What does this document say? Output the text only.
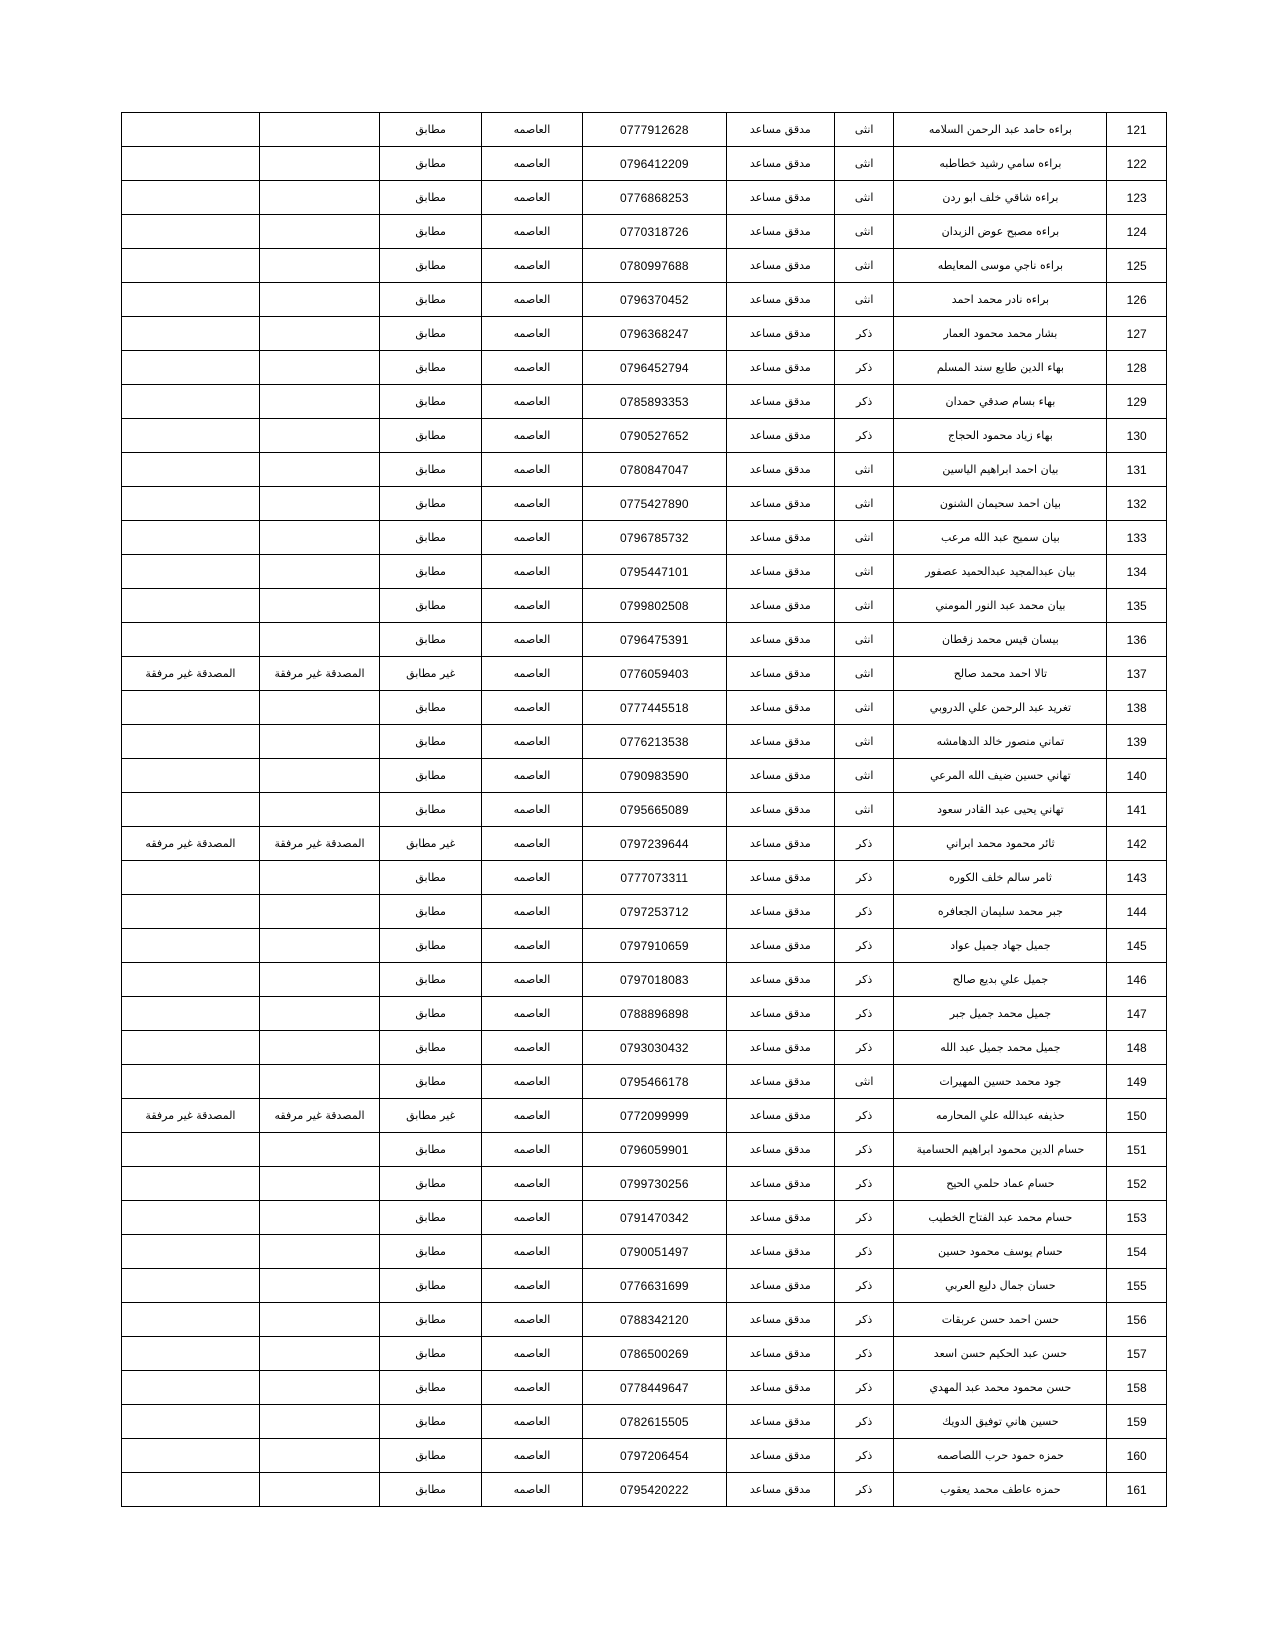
121	براءه حامد عبد الرحمن السلامه	انثى	مدقق مساعد	0777912628	العاصمه	مطابق		
122	براءه سامي رشيد خطاطبه	انثى	مدقق مساعد	0796412209	العاصمه	مطابق		
123	براءه شاقي خلف ابو ردن	انثى	مدقق مساعد	0776868253	العاصمه	مطابق		
124	براءه مصبح عوض الزبدان	انثى	مدقق مساعد	0770318726	العاصمه	مطابق		
125	براءه ناجي موسى المعايطه	انثى	مدقق مساعد	0780997688	العاصمه	مطابق		
126	براءه نادر محمد احمد	انثى	مدقق مساعد	0796370452	العاصمه	مطابق		
127	بشار محمد محمود العمار	ذكر	مدقق مساعد	0796368247	العاصمه	مطابق		
128	بهاء الدين طايع سند المسلم	ذكر	مدقق مساعد	0796452794	العاصمه	مطابق		
129	بهاء بسام صدقي حمدان	ذكر	مدقق مساعد	0785893353	العاصمه	مطابق		
130	بهاء زياد محمود الحجاج	ذكر	مدقق مساعد	0790527652	العاصمه	مطابق		
131	بيان احمد ابراهيم الياسين	انثى	مدقق مساعد	0780847047	العاصمه	مطابق		
132	بيان احمد سحيمان الشنون	انثى	مدقق مساعد	0775427890	العاصمه	مطابق		
133	بيان سميح عبد الله مرعب	انثى	مدقق مساعد	0796785732	العاصمه	مطابق		
134	بيان عبدالمجيد عبدالحميد عصفور	انثى	مدقق مساعد	0795447101	العاصمه	مطابق		
135	بيان محمد عبد النور المومني	انثى	مدقق مساعد	0799802508	العاصمه	مطابق		
136	بيسان قيس محمد زقطان	انثى	مدقق مساعد	0796475391	العاصمه	مطابق		
137	تالا احمد محمد صالح	انثى	مدقق مساعد	0776059403	العاصمه	غير مطابق	المصدقة غير مرفقة	المصدقة غير مرفقة
138	تغريد عبد الرحمن علي الدروبي	انثى	مدقق مساعد	0777445518	العاصمه	مطابق		
139	تماني منصور خالد الدهامشه	انثى	مدقق مساعد	0776213538	العاصمه	مطابق		
140	تهاني حسين ضيف الله المرعي	انثى	مدقق مساعد	0790983590	العاصمه	مطابق		
141	تهاني يحيى عبد القادر سعود	انثى	مدقق مساعد	0795665089	العاصمه	مطابق		
142	ثائر محمود محمد ابراني	ذكر	مدقق مساعد	0797239644	العاصمه	غير مطابق	المصدقة غير مرفقة	المصدقة غير مرفقه
143	ثامر سالم خلف الكوره	ذكر	مدقق مساعد	0777073311	العاصمه	مطابق		
144	جبر محمد سليمان الجعافره	ذكر	مدقق مساعد	0797253712	العاصمه	مطابق		
145	جميل جهاد جميل عواد	ذكر	مدقق مساعد	0797910659	العاصمه	مطابق		
146	جميل علي بديع صالح	ذكر	مدقق مساعد	0797018083	العاصمه	مطابق		
147	جميل محمد جميل جبر	ذكر	مدقق مساعد	0788896898	العاصمه	مطابق		
148	جميل محمد جميل عبد الله	ذكر	مدقق مساعد	0793030432	العاصمه	مطابق		
149	جود محمد حسين المهيرات	انثى	مدقق مساعد	0795466178	العاصمه	مطابق		
150	حذيفه عبدالله علي المحارمه	ذكر	مدقق مساعد	0772099999	العاصمه	غير مطابق	المصدقة غير مرفقه	المصدقة غير مرفقة
151	حسام الدين محمود ابراهيم الحسامية	ذكر	مدقق مساعد	0796059901	العاصمه	مطابق		
152	حسام عماد حلمي الحيح	ذكر	مدقق مساعد	0799730256	العاصمه	مطابق		
153	حسام محمد عبد الفتاح الخطيب	ذكر	مدقق مساعد	0791470342	العاصمه	مطابق		
154	حسام يوسف محمود حسين	ذكر	مدقق مساعد	0790051497	العاصمه	مطابق		
155	حسان جمال دليع العربي	ذكر	مدقق مساعد	0776631699	العاصمه	مطابق		
156	حسن احمد حسن عربقات	ذكر	مدقق مساعد	0788342120	العاصمه	مطابق		
157	حسن عبد الحكيم حسن اسعد	ذكر	مدقق مساعد	0786500269	العاصمه	مطابق		
158	حسن محمود محمد عبد المهدي	ذكر	مدقق مساعد	0778449647	العاصمه	مطابق		
159	حسين هاني توفيق الدويك	ذكر	مدقق مساعد	0782615505	العاصمه	مطابق		
160	حمزه حمود حرب اللصاصمه	ذكر	مدقق مساعد	0797206454	العاصمه	مطابق		
161	حمزه عاطف محمد يعقوب	ذكر	مدقق مساعد	0795420222	العاصمه	مطابق		
